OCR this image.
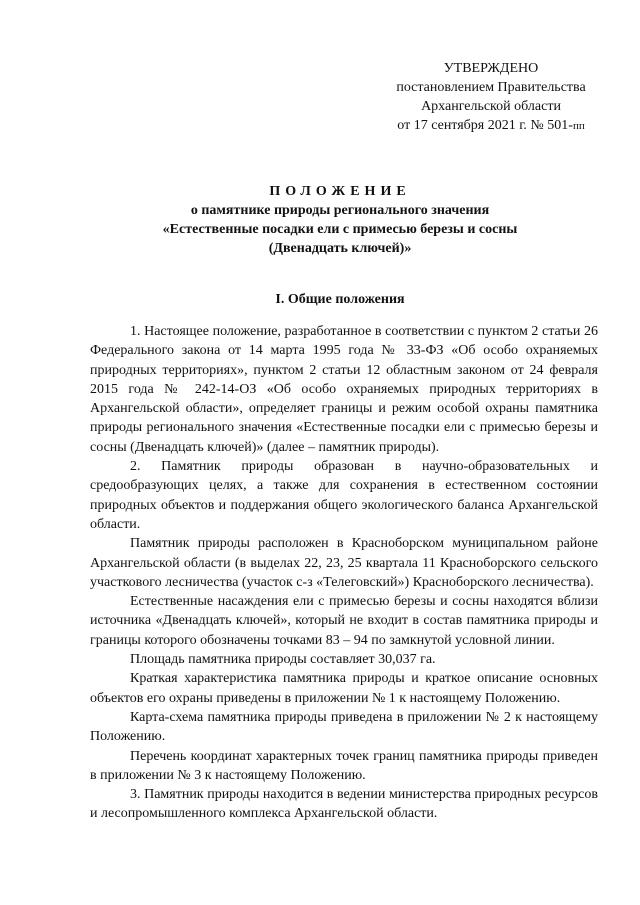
УТВЕРЖДЕНО
постановлением Правительства
Архангельской области
от 17 сентября 2021 г. № 501-пп
ПОЛОЖЕНИЕ
о памятнике природы регионального значения
«Естественные посадки ели с примесью березы и сосны
(Двенадцать ключей)»
I. Общие положения

1. Настоящее положение, разработанное в соответствии с пунктом 2 статьи 26 Федерального закона от 14 марта 1995 года № 33-ФЗ «Об особо охраняемых природных территориях», пунктом 2 статьи 12 областным законом от 24 февраля 2015 года № 242-14-ОЗ «Об особо охраняемых природных территориях в Архангельской области», определяет границы и режим особой охраны памятника природы регионального значения «Естественные посадки ели с примесью березы и сосны (Двенадцать ключей)» (далее – памятник природы).

2. Памятник природы образован в научно-образовательных и средообразующих целях, а также для сохранения в естественном состоянии природных объектов и поддержания общего экологического баланса Архангельской области.

Памятник природы расположен в Красноборском муниципальном районе Архангельской области (в выделах 22, 23, 25 квартала 11 Красноборского сельского участкового лесничества (участок с-з «Телеговский») Красноборского лесничества).

Естественные насаждения ели с примесью березы и сосны находятся вблизи источника «Двенадцать ключей», который не входит в состав памятника природы и границы которого обозначены точками 83 – 94 по замкнутой условной линии.

Площадь памятника природы составляет 30,037 га.

Краткая характеристика памятника природы и краткое описание основных объектов его охраны приведены в приложении № 1 к настоящему Положению.

Карта-схема памятника природы приведена в приложении № 2 к настоящему Положению.

Перечень координат характерных точек границ памятника природы приведен в приложении № 3 к настоящему Положению.

3. Памятник природы находится в ведении министерства природных ресурсов и лесопромышленного комплекса Архангельской области.
